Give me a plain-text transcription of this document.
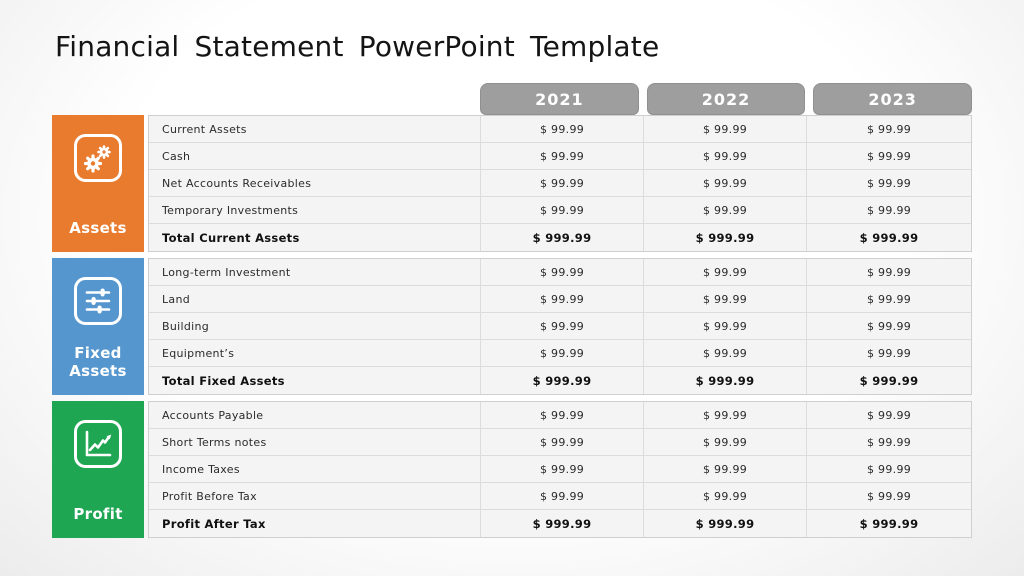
Financial Statement PowerPoint Template
2021	2022	2023
Assets
Current Assets	$ 99.99	$ 99.99	$ 99.99
Cash	$ 99.99	$ 99.99	$ 99.99
Net Accounts Receivables	$ 99.99	$ 99.99	$ 99.99
Temporary Investments	$ 99.99	$ 99.99	$ 99.99
Total Current Assets	$ 999.99	$ 999.99	$ 999.99
Fixed Assets
Long-term Investment	$ 99.99	$ 99.99	$ 99.99
Land	$ 99.99	$ 99.99	$ 99.99
Building	$ 99.99	$ 99.99	$ 99.99
Equipment’s	$ 99.99	$ 99.99	$ 99.99
Total Fixed Assets	$ 999.99	$ 999.99	$ 999.99
Profit
Accounts Payable	$ 99.99	$ 99.99	$ 99.99
Short Terms notes	$ 99.99	$ 99.99	$ 99.99
Income Taxes	$ 99.99	$ 99.99	$ 99.99
Profit Before Tax	$ 99.99	$ 99.99	$ 99.99
Profit After Tax	$ 999.99	$ 999.99	$ 999.99
